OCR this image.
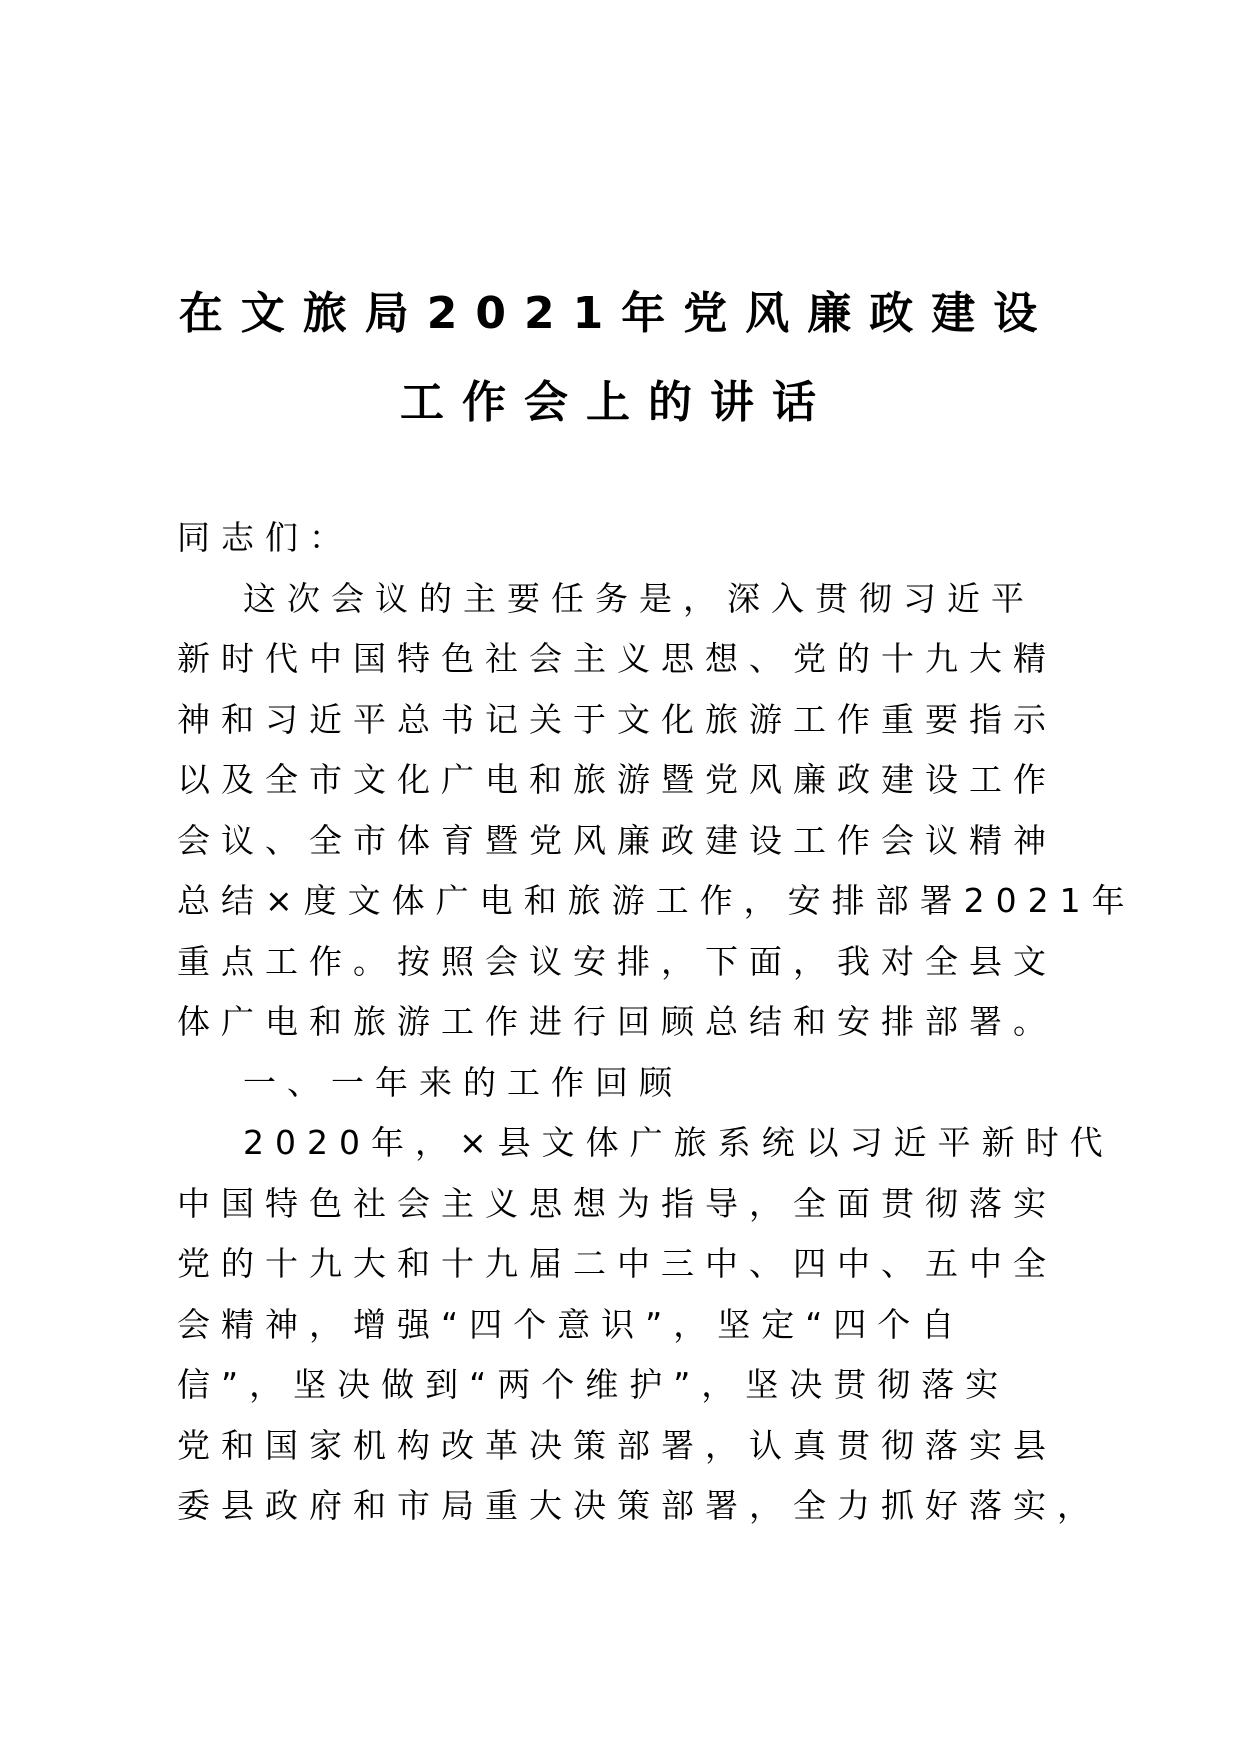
在文旅局2021年党风廉政建设
工作会上的讲话
同志们：
这次会议的主要任务是，深入贯彻习近平
新时代中国特色社会主义思想、党的十九大精
神和习近平总书记关于文化旅游工作重要指示
以及全市文化广电和旅游暨党风廉政建设工作
会议、全市体育暨党风廉政建设工作会议精神
总结×度文体广电和旅游工作，安排部署2021年
重点工作。按照会议安排，下面，我对全县文
体广电和旅游工作进行回顾总结和安排部署。
一、一年来的工作回顾
2020年，×县文体广旅系统以习近平新时代
中国特色社会主义思想为指导，全面贯彻落实
党的十九大和十九届二中三中、四中、五中全
会精神，增强“四个意识”，坚定“四个自
信”，坚决做到“两个维护”，坚决贯彻落实
党和国家机构改革决策部署，认真贯彻落实县
委县政府和市局重大决策部署，全力抓好落实，
